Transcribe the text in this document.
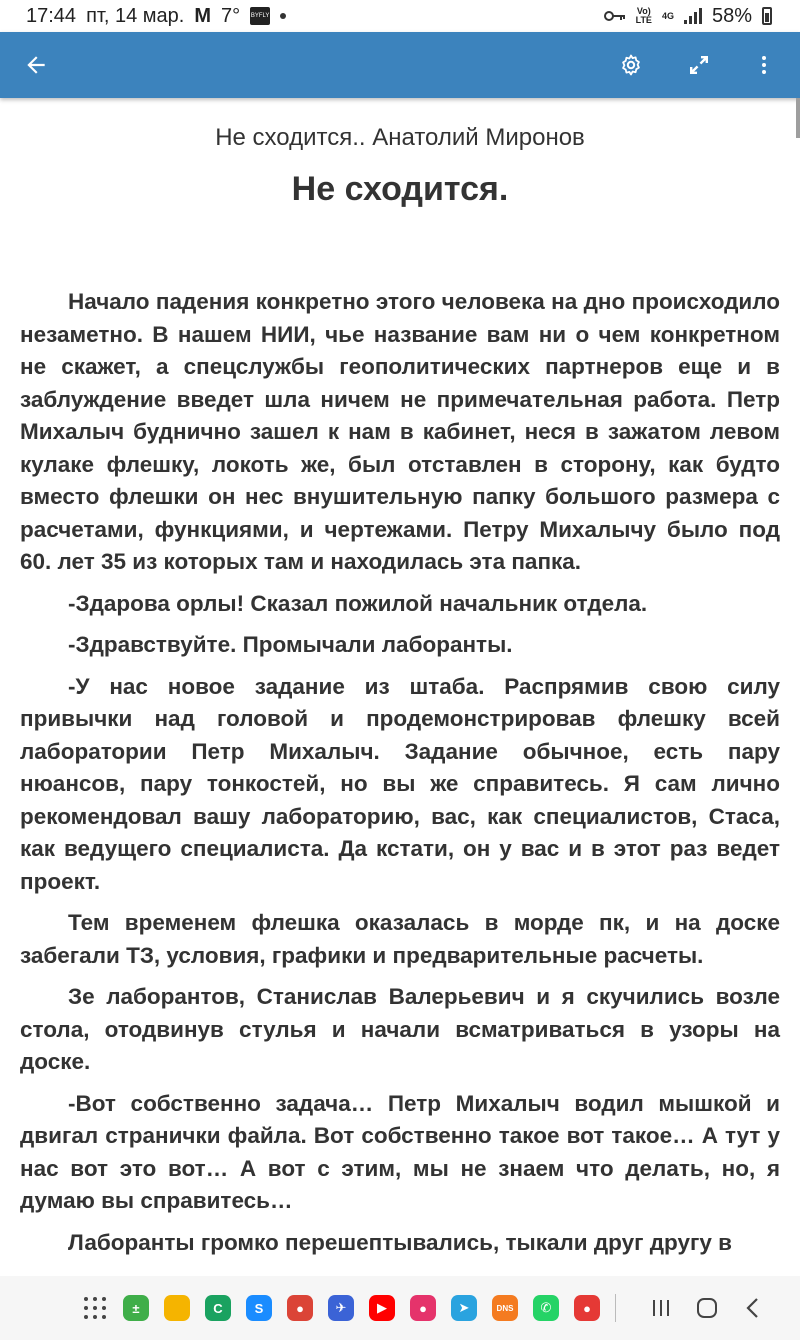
17:44 пт, 14 мар. M 7° BYFLY	Vo)
LTE 4G 58%
Не сходится.. Анатолий Миронов
Не сходится.

Начало падения конкретно этого человека на дно происходило незаметно. В нашем НИИ, чье название вам ни о чем конкретном не скажет, а спецслужбы геополитических партнеров еще и в заблуждение введет шла ничем не примечательная работа. Петр Михалыч буднично зашел к нам в кабинет, неся в зажатом левом кулаке флешку, локоть же, был отставлен в сторону, как будто вместо флешки он нес внушительную папку большого размера с расчетами, функциями, и чертежами. Петру Михалычу было под 60. лет 35 из которых там и находилась эта папка.

-Здарова орлы! Сказал пожилой начальник отдела.

-Здравствуйте. Промычали лаборанты.

-У нас новое задание из штаба. Распрямив свою силу привычки над головой и продемонстрировав флешку всей лаборатории Петр Михалыч. Задание обычное, есть пару нюансов, пару тонкостей, но вы же справитесь. Я сам лично рекомендовал вашу лабораторию, вас, как специалистов, Стаса, как ведущего специалиста. Да кстати, он у вас и в этот раз ведет проект.

Тем временем флешка оказалась в морде пк, и на доске забегали ТЗ, условия, графики и предварительные расчеты.

Зе лаборантов, Станислав Валерьевич и я скучились возле стола, отодвинув стулья и начали всматриваться в узоры на доске.

-Вот собственно задача… Петр Михалыч водил мышкой и двигал странички файла. Вот собственно такое вот такое… А тут у нас вот это вот… А вот с этим, мы не знаем что делать, но, я думаю вы справитесь…

Лаборанты громко перешептывались, тыкали друг другу в

±	C	S	●	✈	▶	●	➤	DNS	✆	●
